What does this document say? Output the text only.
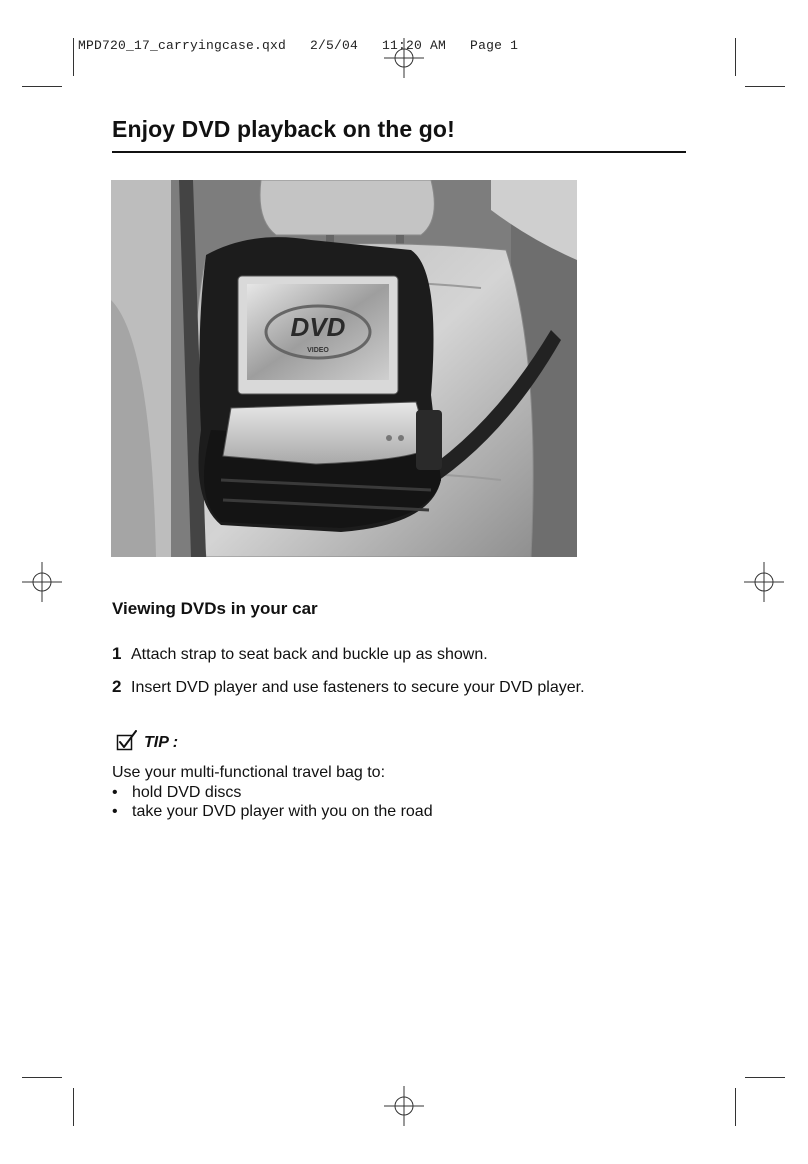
MPD720_17_carryingcase.qxd   2/5/04   11:20 AM   Page 1
Enjoy DVD playback on the go!
DVD
VIDEO
Viewing DVDs in your car
1 Attach strap to seat back and buckle up as shown.
2 Insert DVD player and use fasteners to secure your DVD player.
TIP :
Use your multi-functional travel bag to:
• hold DVD discs
• take your DVD player with you on the road
